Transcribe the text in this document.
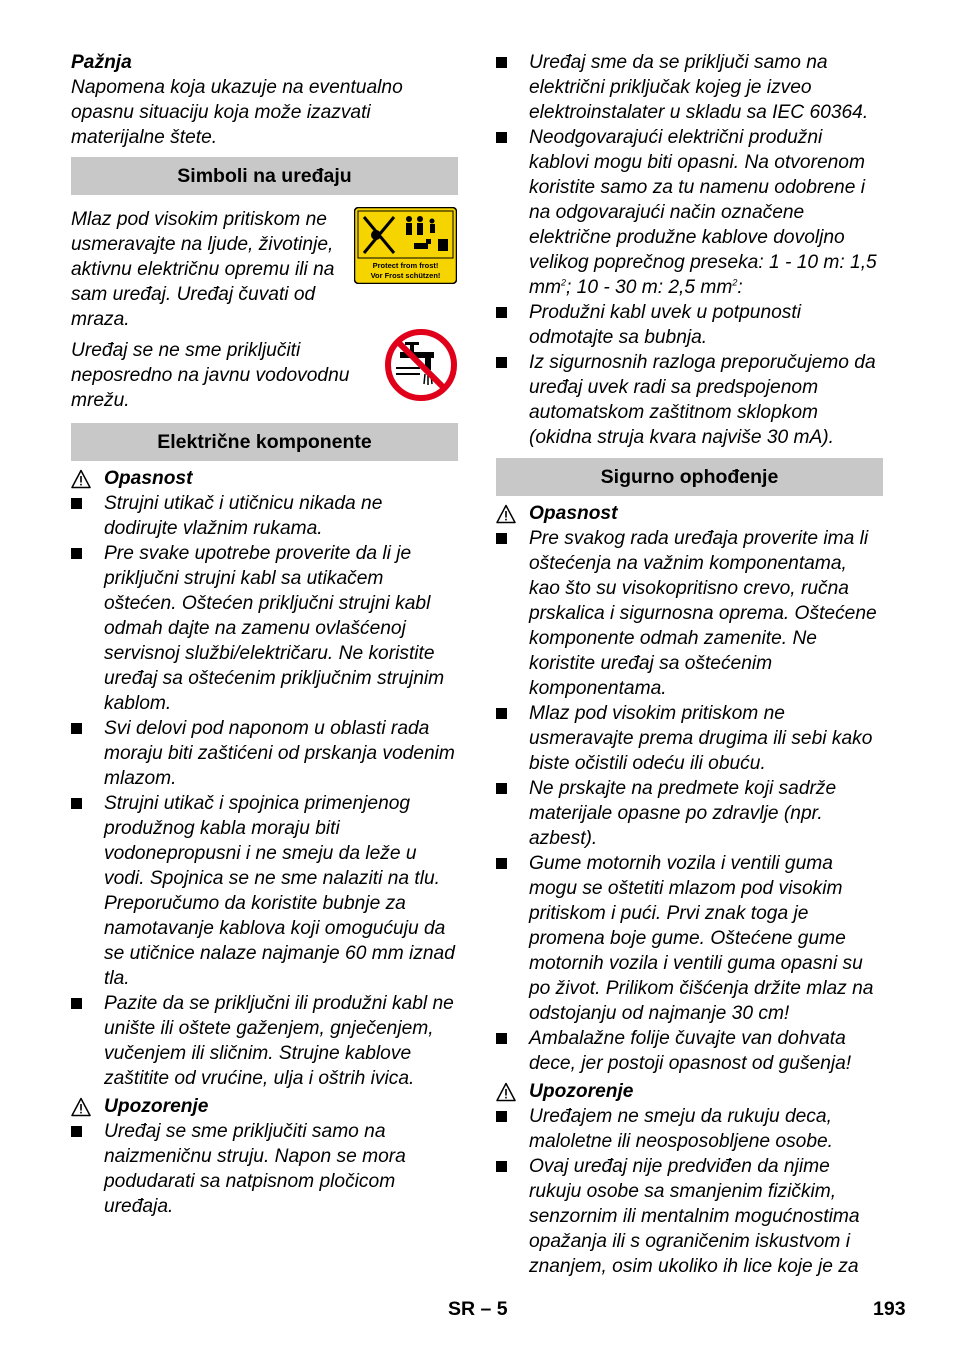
Pažnja

Napomena koja ukazuje na eventualno opasnu situaciju koja može izazvati materijalne štete.

Simboli na uređaju

Mlaz pod visokim pritiskom ne usmeravajte na ljude, životinje, aktivnu električnu opremu ili na sam uređaj. Uređaj čuvati od mraza.

Protect from frost!
Vor Frost schützen!

Uređaj se ne sme priključiti neposredno na javnu vodovodnu mrežu.

Električne komponente
Opasnost
Strujni utikač i utičnicu nikada ne dodirujte vlažnim rukama.
Pre svake upotrebe proverite da li je priključni strujni kabl sa utikačem oštećen. Oštećen priključni strujni kabl odmah dajte na zamenu ovlašćenoj servisnoj službi/električaru. Ne koristite uređaj sa oštećenim priključnim strujnim kablom.
Svi delovi pod naponom u oblasti rada moraju biti zaštićeni od prskanja vodenim mlazom.
Strujni utikač i spojnica primenjenog produžnog kabla moraju biti vodonepropusni i ne smeju da leže u vodi. Spojnica se ne sme nalaziti na tlu. Preporučumo da koristite bubnje za namotavanje kablova koji omogućuju da se utičnice nalaze najmanje 60 mm iznad tla.
Pazite da se priključni ili produžni kabl ne unište ili oštete gaženjem, gnječenjem, vučenjem ili sličnim. Strujne kablove zaštitite od vrućine, ulja i oštrih ivica.
Upozorenje
Uređaj se sme priključiti samo na naizmeničnu struju. Napon se mora podudarati sa natpisnom pločicom uređaja.
Uređaj sme da se priključi samo na električni priključak kojeg je izveo elektroinstalater u skladu sa IEC 60364.
Neodgovarajući električni produžni kablovi mogu biti opasni. Na otvorenom koristite samo za tu namenu odobrene i na odgovarajući način označene električne produžne kablove dovoljno velikog poprečnog preseka: 1 - 10 m: 1,5 $mm^2$; 10 - 30 m: 2,5 $mm^2$:
Produžni kabl uvek u potpunosti odmotajte sa bubnja.
Iz sigurnosnih razloga preporučujemo da uređaj uvek radi sa predspojenom automatskom zaštitnom sklopkom (okidna struja kvara najviše 30 mA).
Sigurno ophođenje
Opasnost
Pre svakog rada uređaja proverite ima li oštećenja na važnim komponentama, kao što su visokopritisno crevo, ručna prskalica i sigurnosna oprema. Oštećene komponente odmah zamenite. Ne koristite uređaj sa oštećenim komponentama.
Mlaz pod visokim pritiskom ne usmeravajte prema drugima ili sebi kako biste očistili odeću ili obuću.
Ne prskajte na predmete koji sadrže materijale opasne po zdravlje (npr. azbest).
Gume motornih vozila i ventili guma mogu se oštetiti mlazom pod visokim pritiskom i pući. Prvi znak toga je promena boje gume. Oštećene gume motornih vozila i ventili guma opasni su po život. Prilikom čišćenja držite mlaz na odstojanju od najmanje 30 cm!
Ambalažne folije čuvajte van dohvata dece, jer postoji opasnost od gušenja!
Upozorenje
Uređajem ne smeju da rukuju deca, maloletne ili neosposobljene osobe.
Ovaj uređaj nije predviđen da njime rukuju osobe sa smanjenim fizičkim, senzornim ili mentalnim mogućnostima opažanja ili s ograničenim iskustvom i znanjem, osim ukoliko ih lice koje je za
SR – 5	193
